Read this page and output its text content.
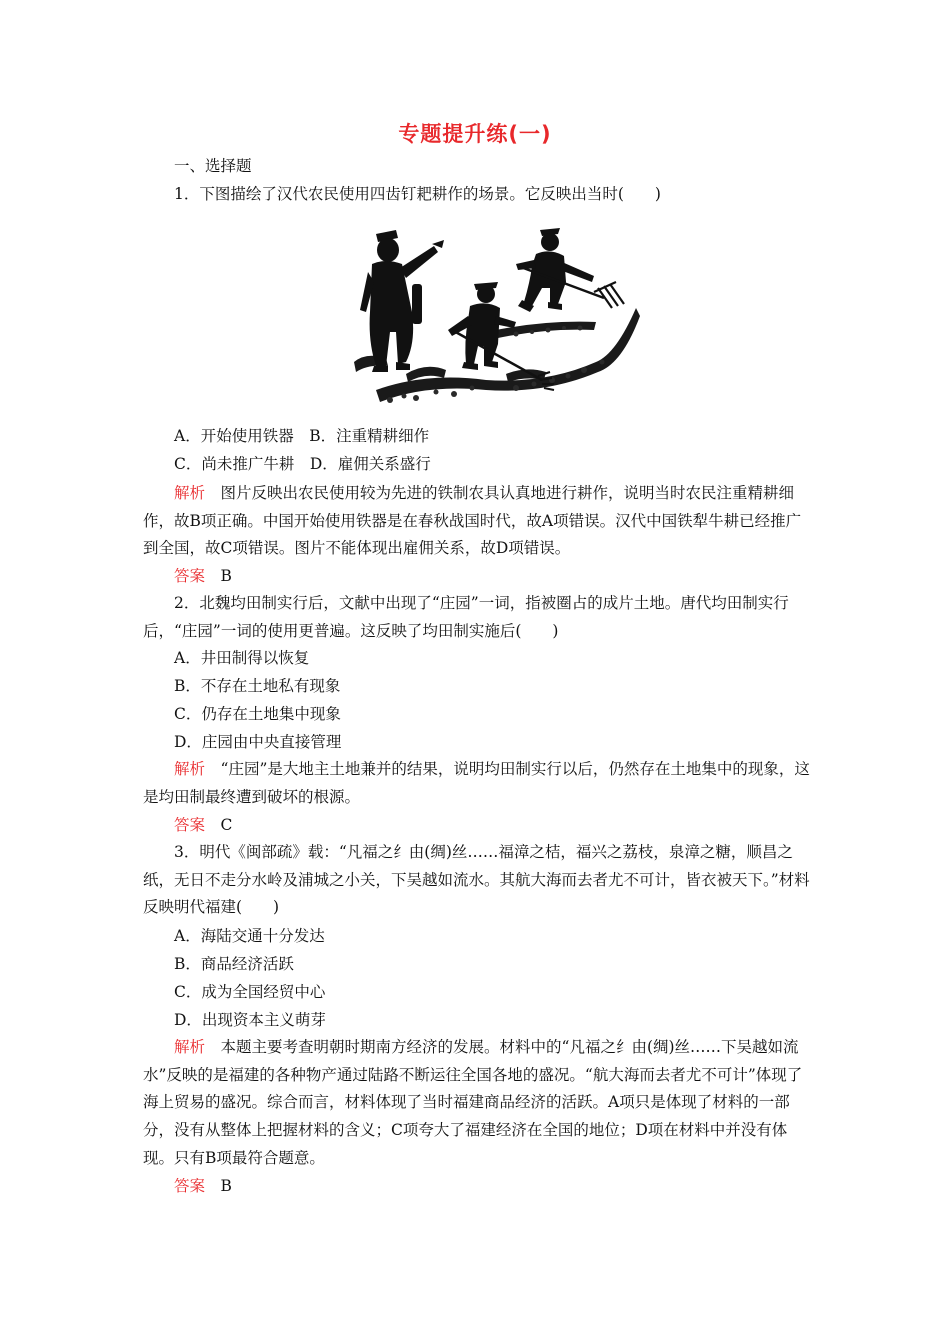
专题提升练(一)
一、选择题
1．下图描绘了汉代农民使用四齿钉耙耕作的场景。它反映出当时(　　)
A．开始使用铁器　B．注重精耕细作
C．尚未推广牛耕　D．雇佣关系盛行
解析　图片反映出农民使用较为先进的铁制农具认真地进行耕作，说明当时农民注重精耕细作，故B项正确。中国开始使用铁器是在春秋战国时代，故A项错误。汉代中国铁犁牛耕已经推广到全国，故C项错误。图片不能体现出雇佣关系，故D项错误。
答案　B
2．北魏均田制实行后，文献中出现了“庄园”一词，指被圈占的成片土地。唐代均田制实行后，“庄园”一词的使用更普遍。这反映了均田制实施后(　　)
A．井田制得以恢复
B．不存在土地私有现象
C．仍存在土地集中现象
D．庄园由中央直接管理
解析　“庄园”是大地主土地兼并的结果，说明均田制实行以后，仍然存在土地集中的现象，这是均田制最终遭到破坏的根源。
答案　C
3．明代《闽部疏》载：“凡福之纟由(绸)丝……福漳之桔，福兴之荔枝，泉漳之糖，顺昌之纸，无日不走分水岭及浦城之小关，下吴越如流水。其航大海而去者尤不可计，皆衣被天下。”材料反映明代福建(　　)
A．海陆交通十分发达
B．商品经济活跃
C．成为全国经贸中心
D．出现资本主义萌芽
解析　本题主要考查明朝时期南方经济的发展。材料中的“凡福之纟由(绸)丝……下吴越如流水”反映的是福建的各种物产通过陆路不断运往全国各地的盛况。“航大海而去者尤不可计”体现了海上贸易的盛况。综合而言，材料体现了当时福建商品经济的活跃。A项只是体现了材料的一部分，没有从整体上把握材料的含义；C项夸大了福建经济在全国的地位；D项在材料中并没有体现。只有B项最符合题意。
答案　B
